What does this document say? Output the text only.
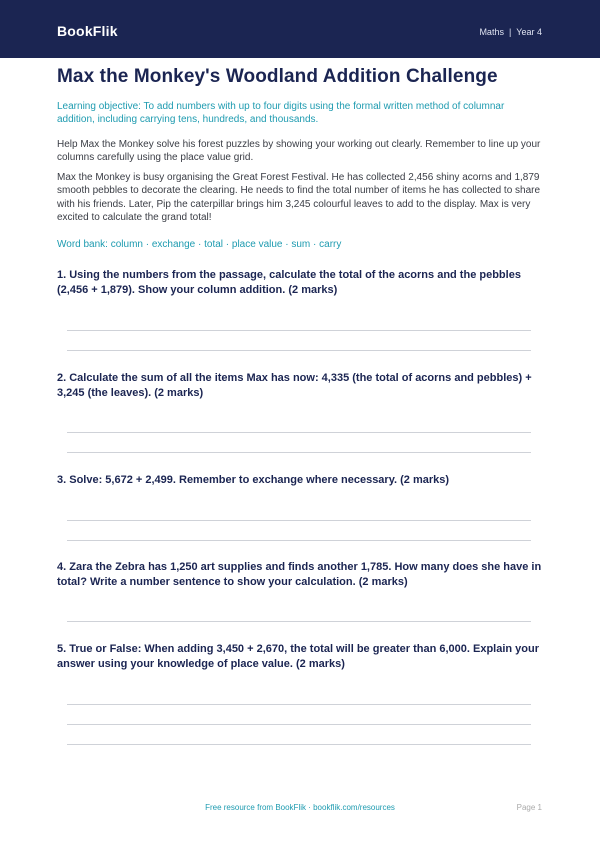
BookFlik	Maths | Year 4
Max the Monkey's Woodland Addition Challenge
Learning objective: To add numbers with up to four digits using the formal written method of columnar addition, including carrying tens, hundreds, and thousands.
Help Max the Monkey solve his forest puzzles by showing your working out clearly. Remember to line up your columns carefully using the place value grid.
Max the Monkey is busy organising the Great Forest Festival. He has collected 2,456 shiny acorns and 1,879 smooth pebbles to decorate the clearing. He needs to find the total number of items he has collected to share with his friends. Later, Pip the caterpillar brings him 3,245 colourful leaves to add to the display. Max is very excited to calculate the grand total!
Word bank: column · exchange · total · place value · sum · carry
1. Using the numbers from the passage, calculate the total of the acorns and the pebbles (2,456 + 1,879). Show your column addition. (2 marks)
2. Calculate the sum of all the items Max has now: 4,335 (the total of acorns and pebbles) + 3,245 (the leaves). (2 marks)
3. Solve: 5,672 + 2,499. Remember to exchange where necessary. (2 marks)
4. Zara the Zebra has 1,250 art supplies and finds another 1,785. How many does she have in total? Write a number sentence to show your calculation. (2 marks)
5. True or False: When adding 3,450 + 2,670, the total will be greater than 6,000. Explain your answer using your knowledge of place value. (2 marks)
Free resource from BookFlik · bookflik.com/resources	Page 1
